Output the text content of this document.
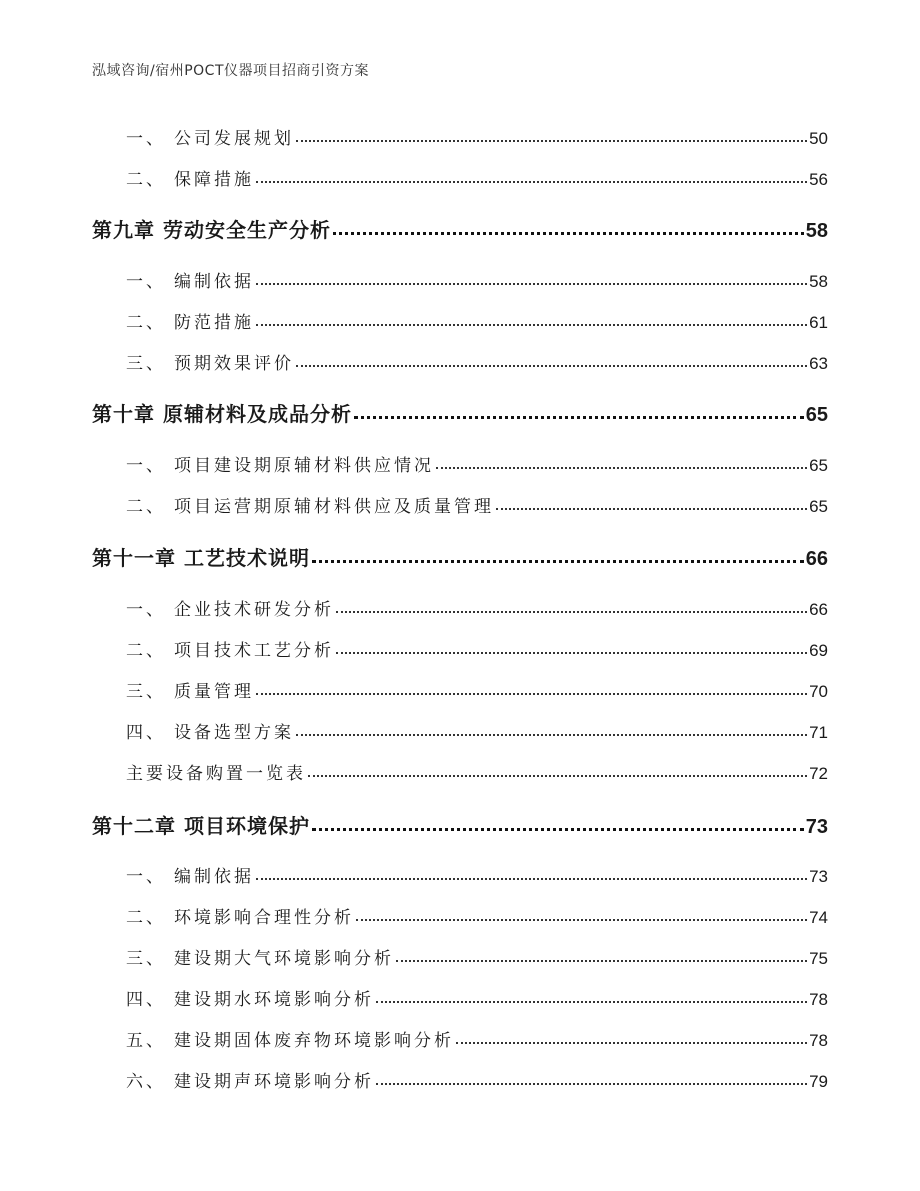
泓域咨询/宿州POCT仪器项目招商引资方案
一、 公司发展规划	50
二、 保障措施	56
第九章 劳动安全生产分析	58
一、 编制依据	58
二、 防范措施	61
三、 预期效果评价	63
第十章 原辅材料及成品分析	65
一、 项目建设期原辅材料供应情况	65
二、 项目运营期原辅材料供应及质量管理	65
第十一章 工艺技术说明	66
一、 企业技术研发分析	66
二、 项目技术工艺分析	69
三、 质量管理	70
四、 设备选型方案	71
主要设备购置一览表	72
第十二章 项目环境保护	73
一、 编制依据	73
二、 环境影响合理性分析	74
三、 建设期大气环境影响分析	75
四、 建设期水环境影响分析	78
五、 建设期固体废弃物环境影响分析	78
六、 建设期声环境影响分析	79
